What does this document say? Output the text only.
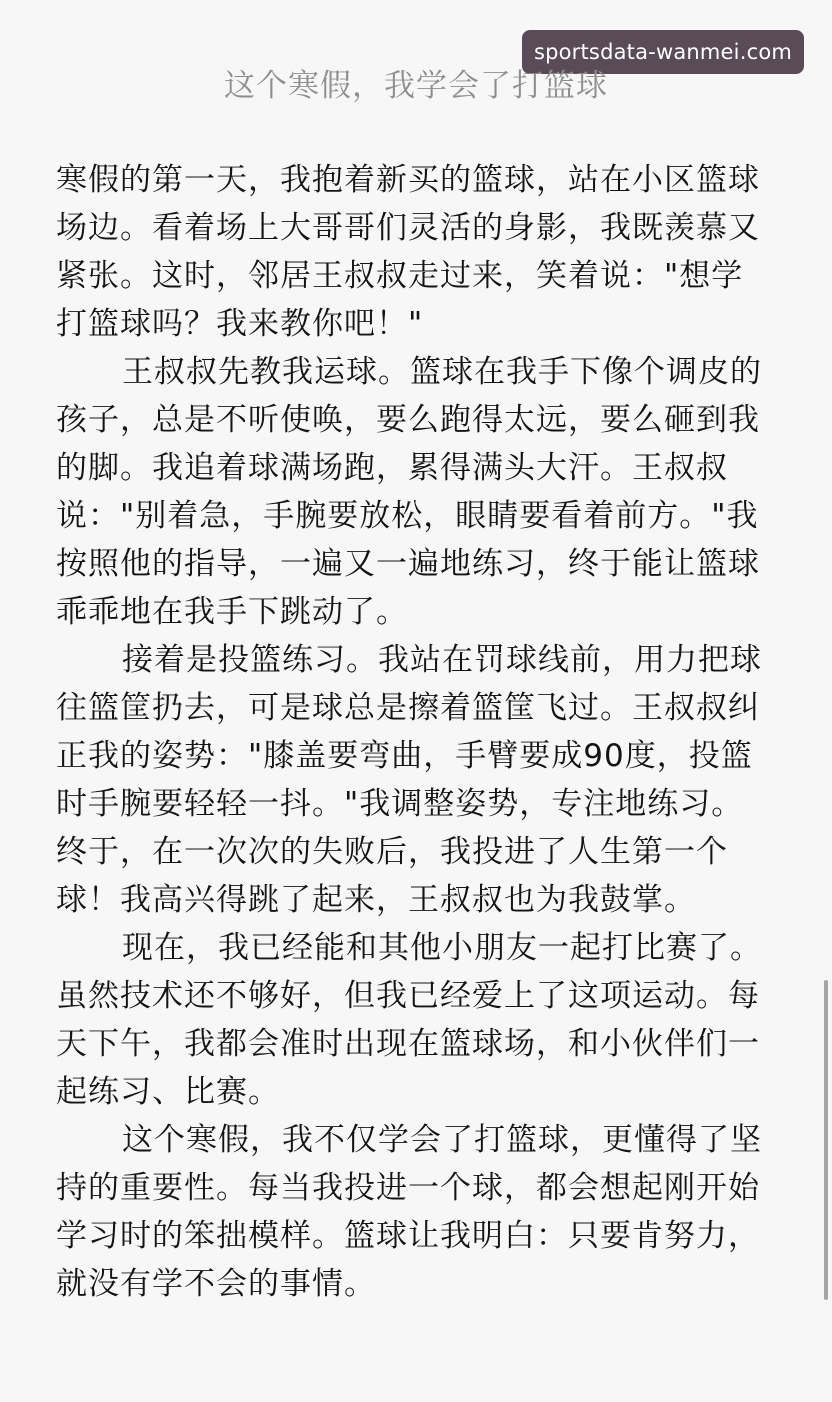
sportsdata-wanmei.com
这个寒假，我学会了打篮球

寒假的第一天，我抱着新买的篮球，站在小区篮球场边。看着场上大哥哥们灵活的身影，我既羡慕又紧张。这时，邻居王叔叔走过来，笑着说："想学打篮球吗？我来教你吧！"

王叔叔先教我运球。篮球在我手下像个调皮的孩子，总是不听使唤，要么跑得太远，要么砸到我的脚。我追着球满场跑，累得满头大汗。王叔叔说："别着急，手腕要放松，眼睛要看着前方。"我按照他的指导，一遍又一遍地练习，终于能让篮球乖乖地在我手下跳动了。

接着是投篮练习。我站在罚球线前，用力把球往篮筐扔去，可是球总是擦着篮筐飞过。王叔叔纠正我的姿势："膝盖要弯曲，手臂要成90度，投篮时手腕要轻轻一抖。"我调整姿势，专注地练习。终于，在一次次的失败后，我投进了人生第一个球！我高兴得跳了起来，王叔叔也为我鼓掌。

现在，我已经能和其他小朋友一起打比赛了。虽然技术还不够好，但我已经爱上了这项运动。每天下午，我都会准时出现在篮球场，和小伙伴们一起练习、比赛。

这个寒假，我不仅学会了打篮球，更懂得了坚持的重要性。每当我投进一个球，都会想起刚开始学习时的笨拙模样。篮球让我明白：只要肯努力，就没有学不会的事情。
